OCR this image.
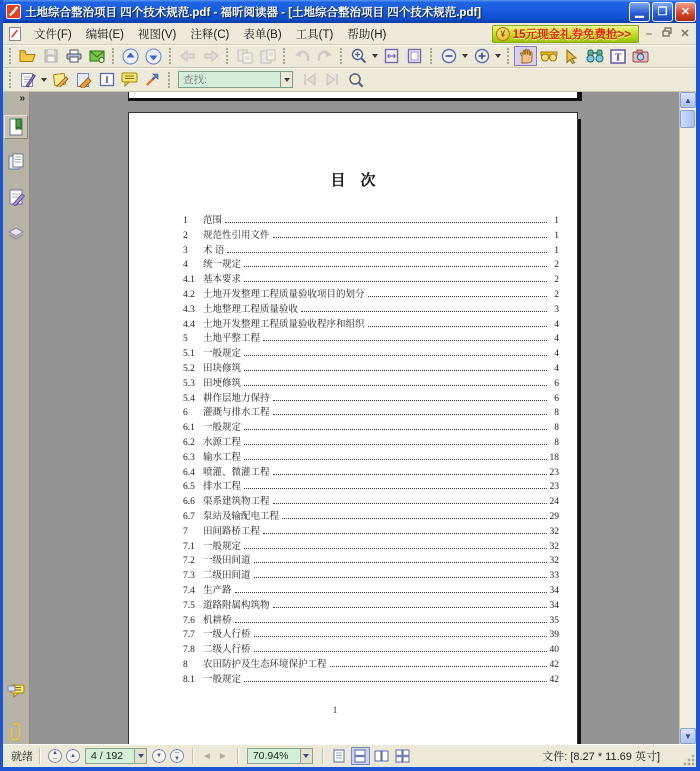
土地综合整治项目 四个技术规范.pdf - 福昕阅读器 - [土地综合整治项目 四个技术规范.pdf]	▁	❐	✕
文件(F)	编辑(E)	视图(V)	注释(C)	表单(B)	工具(T)	帮助(H)	¥ 15元现金礼券免费抢>>	–	✕
T
I
查找:
»
目　次
1	范围	1
2	规范性引用文件	1
3	术 语	1
4	统一规定	2
4.1 基本要求	2
4.2 土地开发整理工程质量验收项目的划分	2
4.3 土地整理工程质量验收	3
4.4 土地开发整理工程质量验收程序和组织	4
5	土地平整工程	4
5.1 一般规定	4
5.2 田块修筑	4
5.3 田埂修筑	6
5.4 耕作层地力保持	6
6	灌溉与排水工程	8
6.1 一般规定	8
6.2 水源工程	8
6.3 输水工程	18
6.4 喷灌、微灌工程	23
6.5 排水工程	23
6.6 渠系建筑物工程	24
6.7 泵站及输配电工程	29
7	田间路桥工程	32
7.1 一般规定	32
7.2 一级田间道	32
7.3 二级田间道	33
7.4 生产路	34
7.5 道路附属构筑物	34
7.6 机耕桥	35
7.7 一级人行桥	39
7.8 二级人行桥	40
8	农田防护及生态环境保护工程	42
8.1 一般规定	42
1
▲
▼
就绪	▲
─	▲	4 / 192	▼	─
▼	◄ ► 70.94%	文件: [8.27 * 11.69 英寸]
